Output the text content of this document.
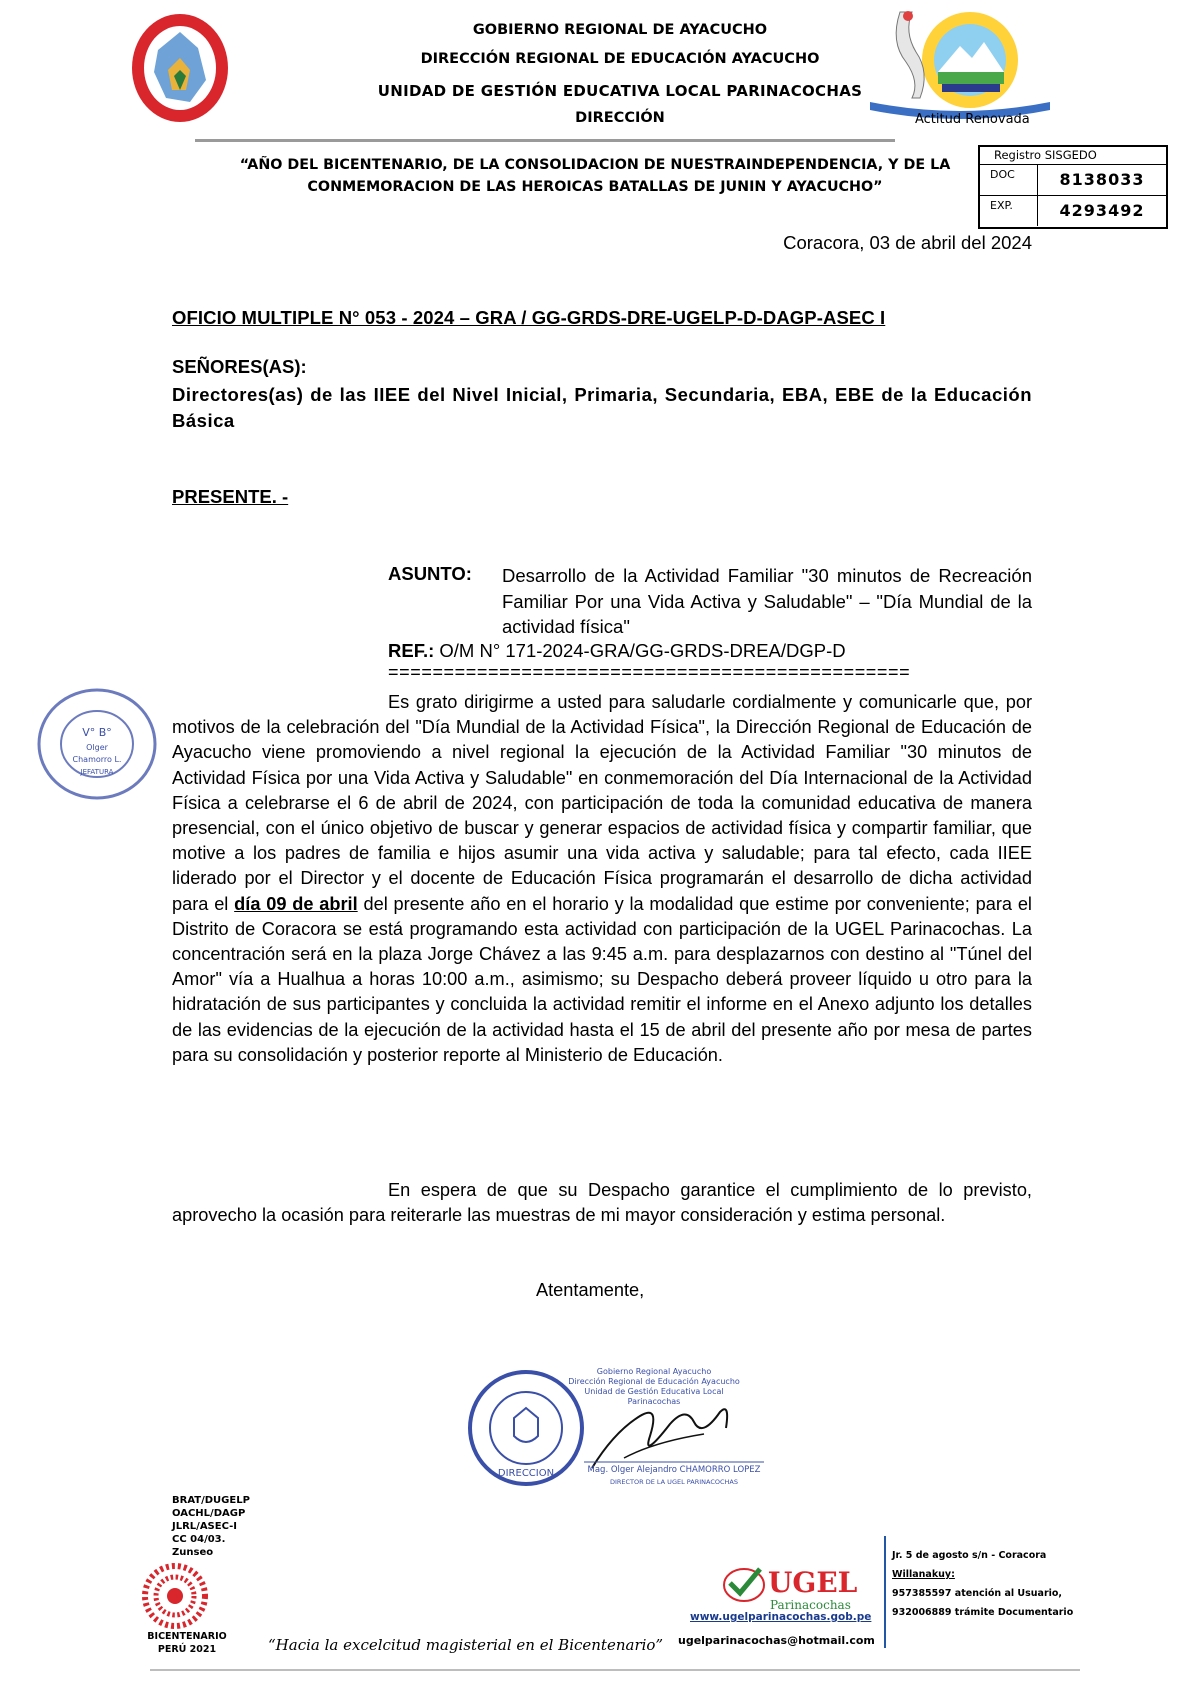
GOBIERNO REGIONAL DE AYACUCHO
DIRECCIÓN REGIONAL DE EDUCACIÓN AYACUCHO
UNIDAD DE GESTIÓN EDUCATIVA LOCAL PARINACOCHAS
DIRECCIÓN	Actitud Renovada
“AÑO DEL BICENTENARIO, DE LA CONSOLIDACION DE NUESTRAINDEPENDENCIA, Y DE LA
CONMEMORACION DE LAS HEROICAS BATALLAS DE JUNIN Y AYACUCHO”
Registro SISGEDO
DOC	8138033
EXP.	4293492
Coracora, 03 de abril del 2024
OFICIO MULTIPLE N° 053 - 2024 – GRA / GG-GRDS-DRE-UGELP-D-DAGP-ASEC I
SEÑORES(AS):
Directores(as) de las IIEE del Nivel Inicial, Primaria, Secundaria, EBA, EBE de la Educación Básica
PRESENTE. -
ASUNTO: Desarrollo de la Actividad Familiar "30 minutos de Recreación Familiar Por una Vida Activa y Saludable" – "Día Mundial de la actividad física"
REF.: O/M N° 171-2024-GRA/GG-GRDS-DREA/DGP-D
===============================================
V° B°
Olger
Chamorro L.
JEFATURA

Es grato dirigirme a usted para saludarle cordialmente y comunicarle que, por motivos de la celebración del "Día Mundial de la Actividad Física", la Dirección Regional de Educación de Ayacucho viene promoviendo a nivel regional la ejecución de la Actividad Familiar "30 minutos de Actividad Física por una Vida Activa y Saludable" en conmemoración del Día Internacional de la Actividad Física a celebrarse el 6 de abril de 2024, con participación de toda la comunidad educativa de manera presencial, con el único objetivo de buscar y generar espacios de actividad física y compartir familiar, que motive a los padres de familia e hijos asumir una vida activa y saludable; para tal efecto, cada IIEE liderado por el Director y el docente de Educación Física programarán el desarrollo de dicha actividad para el día 09 de abril del presente año en el horario y la modalidad que estime por conveniente; para el Distrito de Coracora se está programando esta actividad con participación de la UGEL Parinacochas. La concentración será en la plaza Jorge Chávez a las 9:45 a.m. para desplazarnos con destino al "Túnel del Amor" vía a Hualhua a horas 10:00 a.m., asimismo; su Despacho deberá proveer líquido u otro para la hidratación de sus participantes y concluida la actividad remitir el informe en el Anexo adjunto los detalles de las evidencias de la ejecución de la actividad hasta el 15 de abril del presente año por mesa de partes para su consolidación y posterior reporte al Ministerio de Educación.

En espera de que su Despacho garantice el cumplimiento de lo previsto, aprovecho la ocasión para reiterarle las muestras de mi mayor consideración y estima personal.

Atentamente,
DIRECCION
Gobierno Regional Ayacucho
Dirección Regional de Educación Ayacucho
Unidad de Gestión Educativa Local
Parinacochas
Mag. Olger Alejandro CHAMORRO LOPEZ
DIRECTOR DE LA UGEL PARINACOCHAS
BRAT/DUGELP
OACHL/DAGP
JLRL/ASEC-I
CC 04/03.
Zunseo
BICENTENARIO
PERÚ 2021	“Hacia la excelcitud magisterial en el Bicentenario”
UGEL
Parinacochas
www.ugelparinacochas.gob.pe
ugelparinacochas@hotmail.com
Jr. 5 de agosto s/n - Coracora
Willanakuy:
957385597 atención al Usuario,
932006889 trámite Documentario
